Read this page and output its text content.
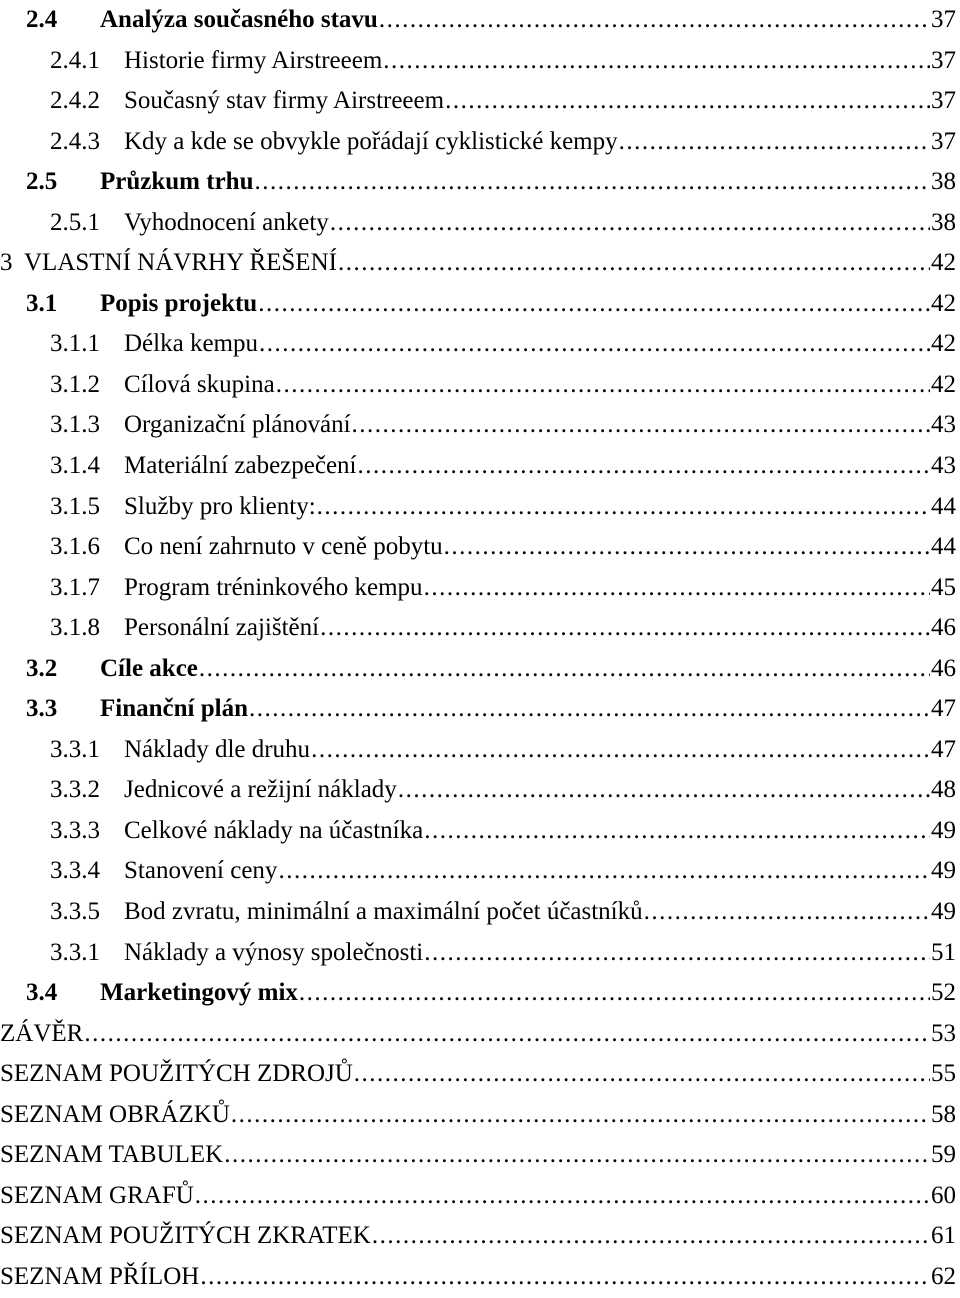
2.4	Analýza současného stavu .....	37
2.4.1 Historie firmy Airstreeem .....	37
2.4.2 Současný stav firmy Airstreeem .....	37
2.4.3 Kdy a kde se obvykle pořádají cyklistické kempy .....	37
2.5	Průzkum trhu .....	38
2.5.1 Vyhodnocení ankety .....	38
3 VLASTNÍ NÁVRHY ŘEŠENÍ .....	42
3.1	Popis projektu .....	42
3.1.1 Délka kempu .....	42
3.1.2 Cílová skupina .....	42
3.1.3 Organizační plánování .....	43
3.1.4 Materiální zabezpečení .....	43
3.1.5 Služby pro klienty: .....	44
3.1.6 Co není zahrnuto v ceně pobytu .....	44
3.1.7 Program tréninkového kempu .....	45
3.1.8 Personální zajištění .....	46
3.2	Cíle akce .....	46
3.3	Finanční plán .....	47
3.3.1 Náklady dle druhu .....	47
3.3.2 Jednicové a režijní náklady .....	48
3.3.3 Celkové náklady na účastníka .....	49
3.3.4 Stanovení ceny .....	49
3.3.5 Bod zvratu, minimální a maximální počet účastníků .....	49
3.3.1 Náklady a výnosy společnosti .....	51
3.4	Marketingový mix .....	52
ZÁVĚR .....	53
SEZNAM POUŽITÝCH ZDROJŮ .....	55
SEZNAM OBRÁZKŮ .....	58
SEZNAM TABULEK .....	59
SEZNAM GRAFŮ .....	60
SEZNAM POUŽITÝCH ZKRATEK .....	61
SEZNAM PŘÍLOH .....	62
